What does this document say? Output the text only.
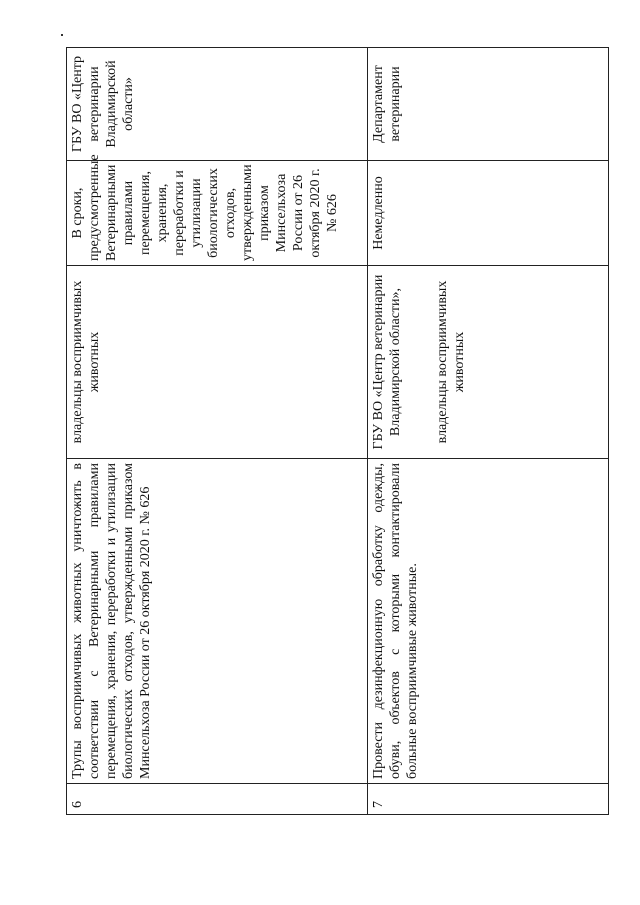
6	Трупы восприимчивых животных уничтожить в соответствии с Ветеринарными правилами перемещения, хранения, переработки и утилизации биологических отходов, утвержденными приказом Минсельхоза России от 26 октября 2020 г. № 626	владельцы восприимчивых животных	В сроки, предусмотренные Ветеринарными правилами перемещения, хранения, переработки и утилизации биологических отходов, утвержденными приказом Минсельхоза России от 26 октября 2020 г. № 626	ГБУ ВО «Центр ветеринарии Владимирской области»
7	Провести дезинфекционную обработку одежды, обуви, объектов с которыми контактировали больные восприимчивые животные.	ГБУ ВО «Центр ветеринарии Владимирской области», владельцы восприимчивых животных	Немедленно	Департамент ветеринарии
